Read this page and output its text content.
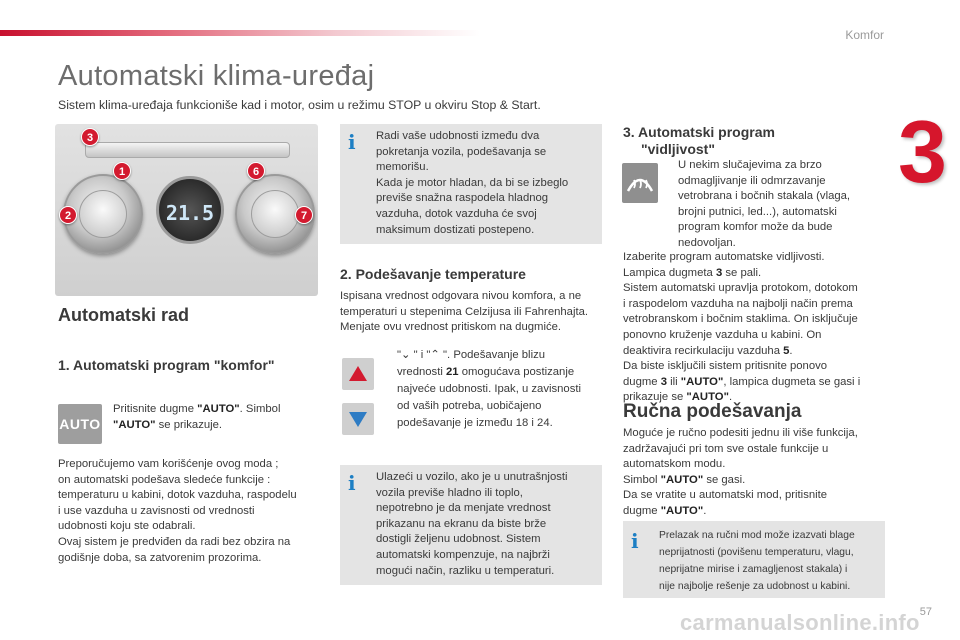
Komfor
3
Automatski klima-uređaj

Sistem klima-uređaja funkcioniše kad i motor, osim u režimu STOP u okviru Stop & Start.

21.5
3
1
2
6
7
Automatski rad
1. Automatski program "komfor"
AUTO
Pritisnite dugme "AUTO". Simbol
"AUTO" se prikazuje.
Preporučujemo vam korišćenje ovog moda ;
on automatski podešava sledeće funkcije :
temperaturu u kabini, dotok vazduha, raspodelu
i use vazduha u zavisnosti od vrednosti
udobnosti koju ste odabrali.
Ovaj sistem je predviđen da radi bez obzira na
godišnje doba, sa zatvorenim prozorima.
i	Radi vaše udobnosti između dva
pokretanja vozila, podešavanja se
memorišu.
Kada je motor hladan, da bi se izbeglo
previše snažna raspodela hladnog
vazduha, dotok vazduha će svoj
maksimum dostizati postepeno.
2. Podešavanje temperature
Ispisana vrednost odgovara nivou komfora, a ne
temperaturi u stepenima Celzijusa ili Fahrenhajta.
Menjate ovu vrednost pritiskom na dugmiće.
"⌄ " i "⌃ ". Podešavanje blizu
vrednosti 21 omogućava postizanje
najveće udobnosti. Ipak, u zavisnosti
od vaših potreba, uobičajeno
podešavanje je između 18 i 24.
i	Ulazeći u vozilo, ako je u unutrašnjosti
vozila previše hladno ili toplo,
nepotrebno je da menjate vrednost
prikazanu na ekranu da biste brže
dostigli željenu udobnost. Sistem
automatski kompenzuje, na najbrži
mogući način, razliku u temperaturi.
3. Automatski program
"vidljivost"
U nekim slučajevima za brzo
odmagljivanje ili odmrzavanje
vetrobrana i bočnih stakala (vlaga,
brojni putnici, led...), automatski
program komfor može da bude
nedovoljan.
Izaberite program automatske vidljivosti.
Lampica dugmeta 3 se pali.
Sistem automatski upravlja protokom, dotokom
i raspodelom vazduha na najbolji način prema
vetrobranskom i bočnim staklima. On isključuje
ponovno kruženje vazduha u kabini. On
deaktivira recirkulaciju vazduha 5.
Da biste isključili sistem pritisnite ponovo
dugme 3 ili "AUTO", lampica dugmeta se gasi i
prikazuje se "AUTO".
Ručna podešavanja
Moguće je ručno podesiti jednu ili više funkcija,
zadržavajući pri tom sve ostale funkcije u
automatskom modu.
Simbol "AUTO" se gasi.
Da se vratite u automatski mod, pritisnite
dugme "AUTO".
i	Prelazak na ručni mod može izazvati blage
neprijatnosti (povišenu temperaturu, vlagu,
neprijatne mirise i zamagljenost stakala) i
nije najbolje rešenje za udobnost u kabini.
carmanualsonline.info 57
